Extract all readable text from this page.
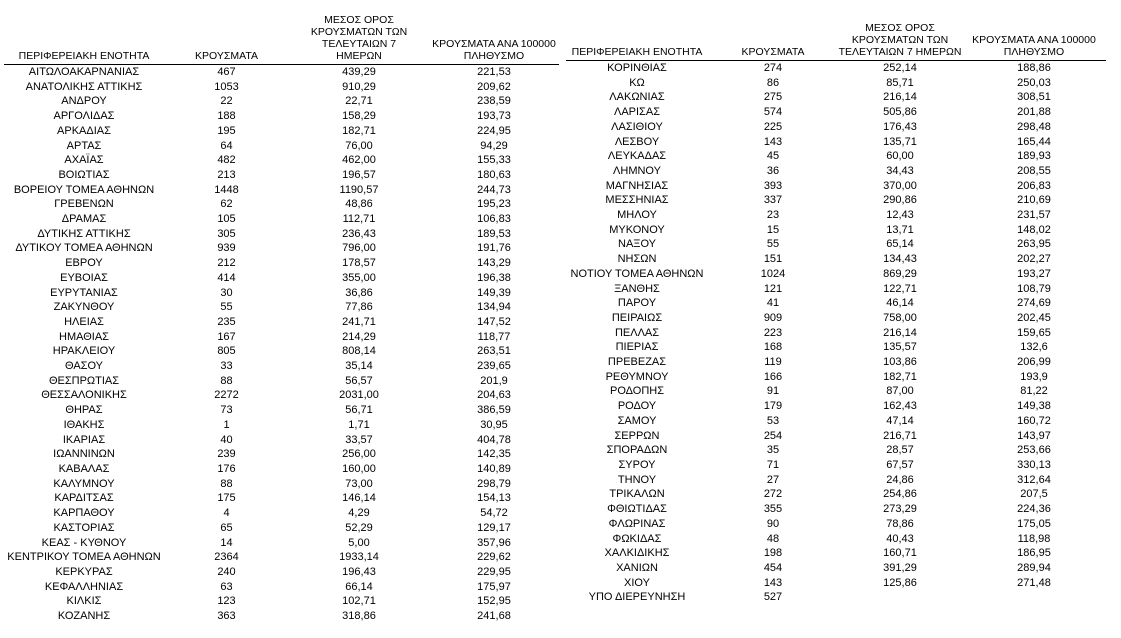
ΠΕΡΙΦΕΡΕΙΑΚΗ ΕΝΟΤΗΤΑ	ΚΡΟΥΣΜΑΤΑ	ΜΕΣΟΣ ΟΡΟΣ ΚΡΟΥΣΜΑΤΩΝ ΤΩΝ ΤΕΛΕΥΤΑΙΩΝ 7 ΗΜΕΡΩΝ	ΚΡΟΥΣΜΑΤΑ ΑΝΑ 100000 ΠΛΗΘΥΣΜΟ
ΑΙΤΩΛΟΑΚΑΡΝΑΝΙΑΣ	467	439,29	221,53
ΑΝΑΤΟΛΙΚΗΣ ΑΤΤΙΚΗΣ	1053	910,29	209,62
ΑΝΔΡΟΥ	22	22,71	238,59
ΑΡΓΟΛΙΔΑΣ	188	158,29	193,73
ΑΡΚΑΔΙΑΣ	195	182,71	224,95
ΑΡΤΑΣ	64	76,00	94,29
ΑΧΑΪΑΣ	482	462,00	155,33
ΒΟΙΩΤΙΑΣ	213	196,57	180,63
ΒΟΡΕΙΟΥ ΤΟΜΕΑ ΑΘΗΝΩΝ	1448	1190,57	244,73
ΓΡΕΒΕΝΩΝ	62	48,86	195,23
ΔΡΑΜΑΣ	105	112,71	106,83
ΔΥΤΙΚΗΣ ΑΤΤΙΚΗΣ	305	236,43	189,53
ΔΥΤΙΚΟΥ ΤΟΜΕΑ ΑΘΗΝΩΝ	939	796,00	191,76
ΕΒΡΟΥ	212	178,57	143,29
ΕΥΒΟΙΑΣ	414	355,00	196,38
ΕΥΡΥΤΑΝΙΑΣ	30	36,86	149,39
ΖΑΚΥΝΘΟΥ	55	77,86	134,94
ΗΛΕΙΑΣ	235	241,71	147,52
ΗΜΑΘΙΑΣ	167	214,29	118,77
ΗΡΑΚΛΕΙΟΥ	805	808,14	263,51
ΘΑΣΟΥ	33	35,14	239,65
ΘΕΣΠΡΩΤΙΑΣ	88	56,57	201,9
ΘΕΣΣΑΛΟΝΙΚΗΣ	2272	2031,00	204,63
ΘΗΡΑΣ	73	56,71	386,59
ΙΘΑΚΗΣ	1	1,71	30,95
ΙΚΑΡΙΑΣ	40	33,57	404,78
ΙΩΑΝΝΙΝΩΝ	239	256,00	142,35
ΚΑΒΑΛΑΣ	176	160,00	140,89
ΚΑΛΥΜΝΟΥ	88	73,00	298,79
ΚΑΡΔΙΤΣΑΣ	175	146,14	154,13
ΚΑΡΠΑΘΟΥ	4	4,29	54,72
ΚΑΣΤΟΡΙΑΣ	65	52,29	129,17
ΚΕΑΣ - ΚΥΘΝΟΥ	14	5,00	357,96
ΚΕΝΤΡΙΚΟΥ ΤΟΜΕΑ ΑΘΗΝΩΝ	2364	1933,14	229,62
ΚΕΡΚΥΡΑΣ	240	196,43	229,95
ΚΕΦΑΛΛΗΝΙΑΣ	63	66,14	175,97
ΚΙΛΚΙΣ	123	102,71	152,95
ΚΟΖΑΝΗΣ	363	318,86	241,68
ΠΕΡΙΦΕΡΕΙΑΚΗ ΕΝΟΤΗΤΑ	ΚΡΟΥΣΜΑΤΑ	ΜΕΣΟΣ ΟΡΟΣ ΚΡΟΥΣΜΑΤΩΝ ΤΩΝ ΤΕΛΕΥΤΑΙΩΝ 7 ΗΜΕΡΩΝ	ΚΡΟΥΣΜΑΤΑ ΑΝΑ 100000 ΠΛΗΘΥΣΜΟ
ΚΟΡΙΝΘΙΑΣ	274	252,14	188,86
ΚΩ	86	85,71	250,03
ΛΑΚΩΝΙΑΣ	275	216,14	308,51
ΛΑΡΙΣΑΣ	574	505,86	201,88
ΛΑΣΙΘΙΟΥ	225	176,43	298,48
ΛΕΣΒΟΥ	143	135,71	165,44
ΛΕΥΚΑΔΑΣ	45	60,00	189,93
ΛΗΜΝΟΥ	36	34,43	208,55
ΜΑΓΝΗΣΙΑΣ	393	370,00	206,83
ΜΕΣΣΗΝΙΑΣ	337	290,86	210,69
ΜΗΛΟΥ	23	12,43	231,57
ΜΥΚΟΝΟΥ	15	13,71	148,02
ΝΑΞΟΥ	55	65,14	263,95
ΝΗΣΩΝ	151	134,43	202,27
ΝΟΤΙΟΥ ΤΟΜΕΑ ΑΘΗΝΩΝ	1024	869,29	193,27
ΞΑΝΘΗΣ	121	122,71	108,79
ΠΑΡΟΥ	41	46,14	274,69
ΠΕΙΡΑΙΩΣ	909	758,00	202,45
ΠΕΛΛΑΣ	223	216,14	159,65
ΠΙΕΡΙΑΣ	168	135,57	132,6
ΠΡΕΒΕΖΑΣ	119	103,86	206,99
ΡΕΘΥΜΝΟΥ	166	182,71	193,9
ΡΟΔΟΠΗΣ	91	87,00	81,22
ΡΟΔΟΥ	179	162,43	149,38
ΣΑΜΟΥ	53	47,14	160,72
ΣΕΡΡΩΝ	254	216,71	143,97
ΣΠΟΡΑΔΩΝ	35	28,57	253,66
ΣΥΡΟΥ	71	67,57	330,13
ΤΗΝΟΥ	27	24,86	312,64
ΤΡΙΚΑΛΩΝ	272	254,86	207,5
ΦΘΙΩΤΙΔΑΣ	355	273,29	224,36
ΦΛΩΡΙΝΑΣ	90	78,86	175,05
ΦΩΚΙΔΑΣ	48	40,43	118,98
ΧΑΛΚΙΔΙΚΗΣ	198	160,71	186,95
ΧΑΝΙΩΝ	454	391,29	289,94
ΧΙΟΥ	143	125,86	271,48
ΥΠΟ ΔΙΕΡΕΥΝΗΣΗ	527		
